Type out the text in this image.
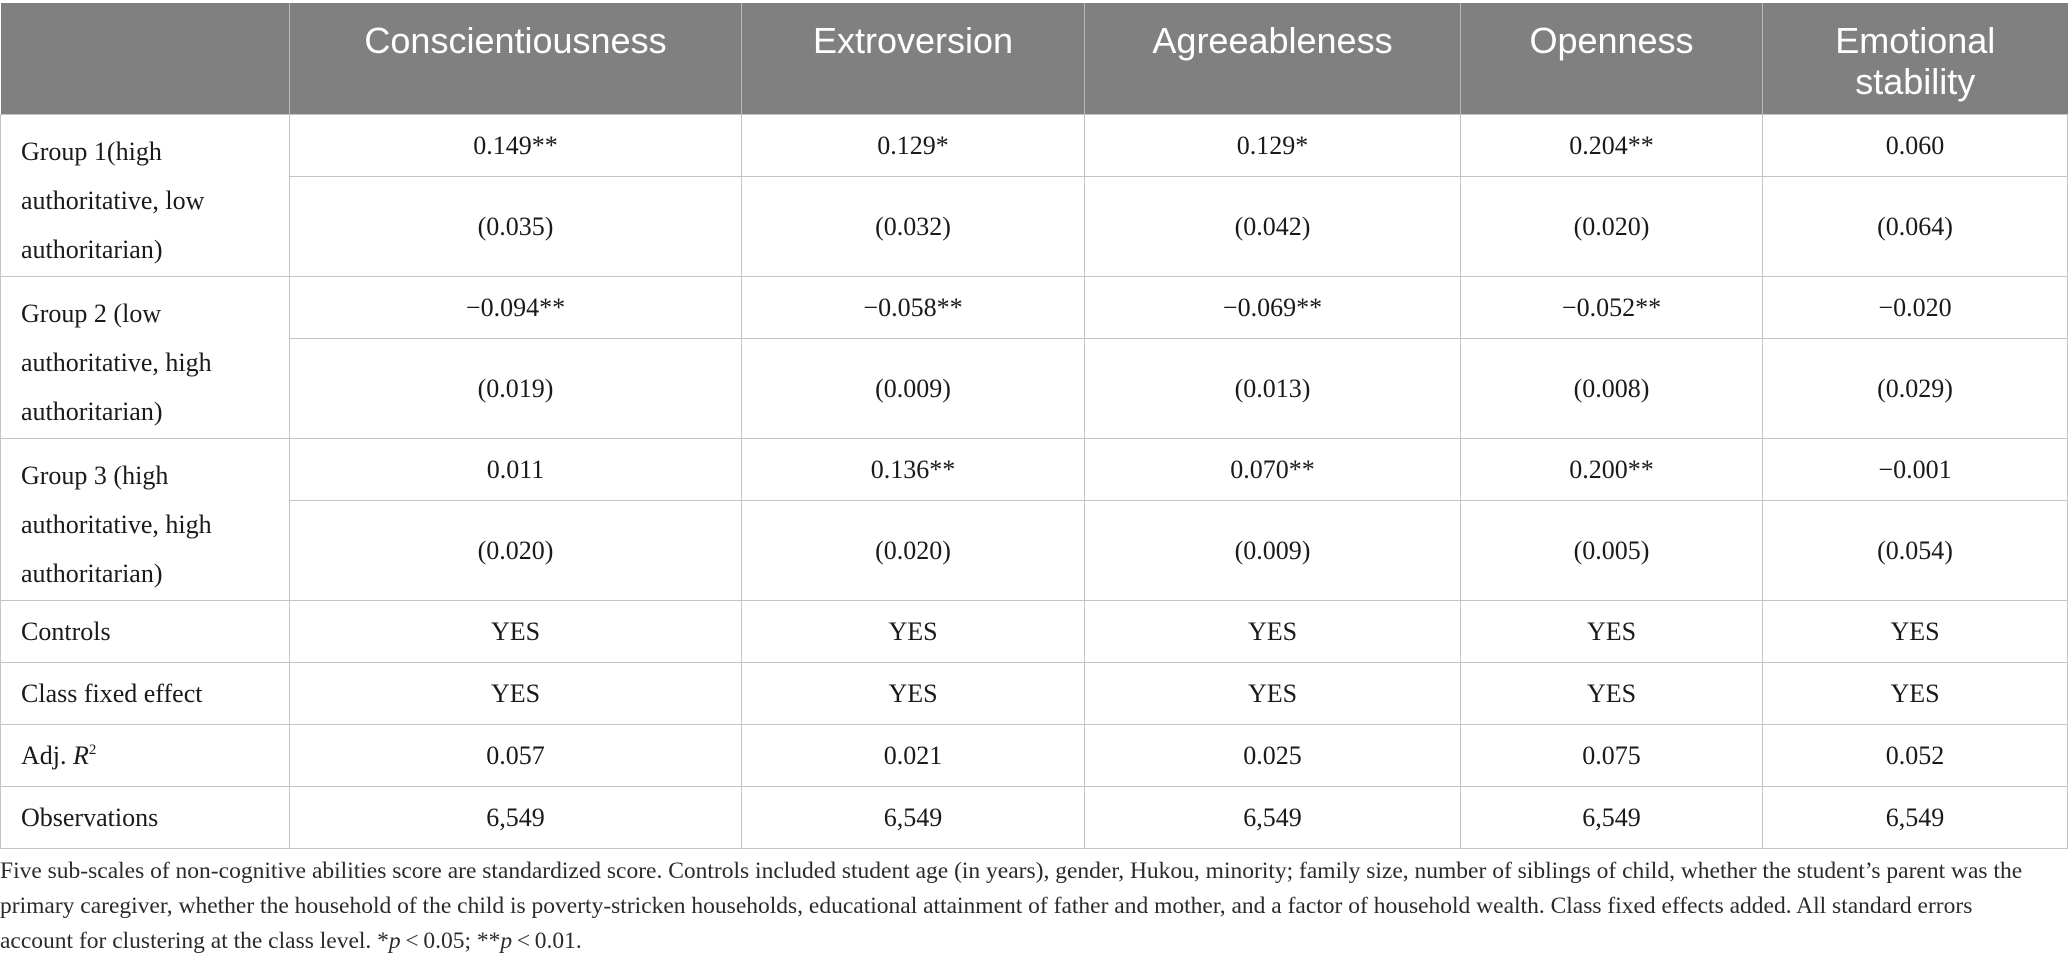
	Conscientiousness	Extroversion	Agreeableness	Openness	Emotional stability
Group 1(high authoritative, low authoritarian)	0.149**	0.129*	0.129*	0.204**	0.060
	(0.035)	(0.032)	(0.042)	(0.020)	(0.064)
Group 2 (low authoritative, high authoritarian)	−0.094**	−0.058**	−0.069**	−0.052**	−0.020
	(0.019)	(0.009)	(0.013)	(0.008)	(0.029)
Group 3 (high authoritative, high authoritarian)	0.011	0.136**	0.070**	0.200**	−0.001
	(0.020)	(0.020)	(0.009)	(0.005)	(0.054)
Controls	YES	YES	YES	YES	YES
Class fixed effect	YES	YES	YES	YES	YES
Adj. $R^2$	0.057	0.021	0.025	0.075	0.052
Observations	6,549	6,549	6,549	6,549	6,549
Five sub-scales of non-cognitive abilities score are standardized score. Controls included student age (in years), gender, Hukou, minority; family size, number of siblings of child, whether the student’s parent was the primary caregiver, whether the household of the child is poverty-stricken households, educational attainment of father and mother, and a factor of household wealth. Class fixed effects added. All standard errors account for clustering at the class level. *p < 0.05; **p < 0.01.
